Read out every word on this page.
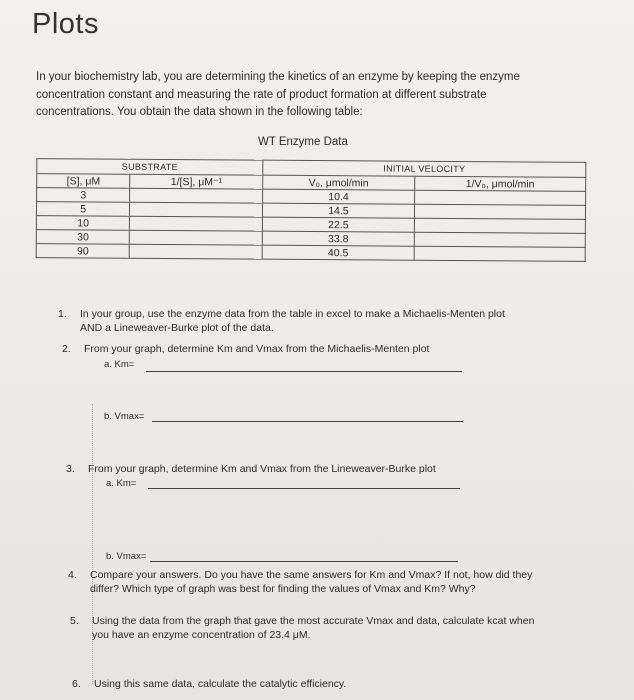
Plots
In your biochemistry lab, you are determining the kinetics of an enzyme by keeping the enzyme concentration constant and measuring the rate of product formation at different substrate concentrations. You obtain the data shown in the following table:
WT Enzyme Data
SUBSTRATE		INITIAL VELOCITY	
[S], μM	1/[S], μM⁻¹	V₀, μmol/min	1/V₀, μmol/min
3		10.4	
5		14.5	
10		22.5	
30		33.8	
90		40.5	
1. In your group, use the enzyme data from the table in excel to make a Michaelis-Menten plot
AND a Lineweaver-Burke plot of the data.
2. From your graph, determine Km and Vmax from the Michaelis-Menten plot
a. Km=
b. Vmax=
3. From your graph, determine Km and Vmax from the Lineweaver-Burke plot
a. Km=
b. Vmax=
4. Compare your answers. Do you have the same answers for Km and Vmax? If not, how did they
differ? Which type of graph was best for finding the values of Vmax and Km? Why?
5. Using the data from the graph that gave the most accurate Vmax and data, calculate kcat when
you have an enzyme concentration of 23.4 μM.
6. Using this same data, calculate the catalytic efficiency.
